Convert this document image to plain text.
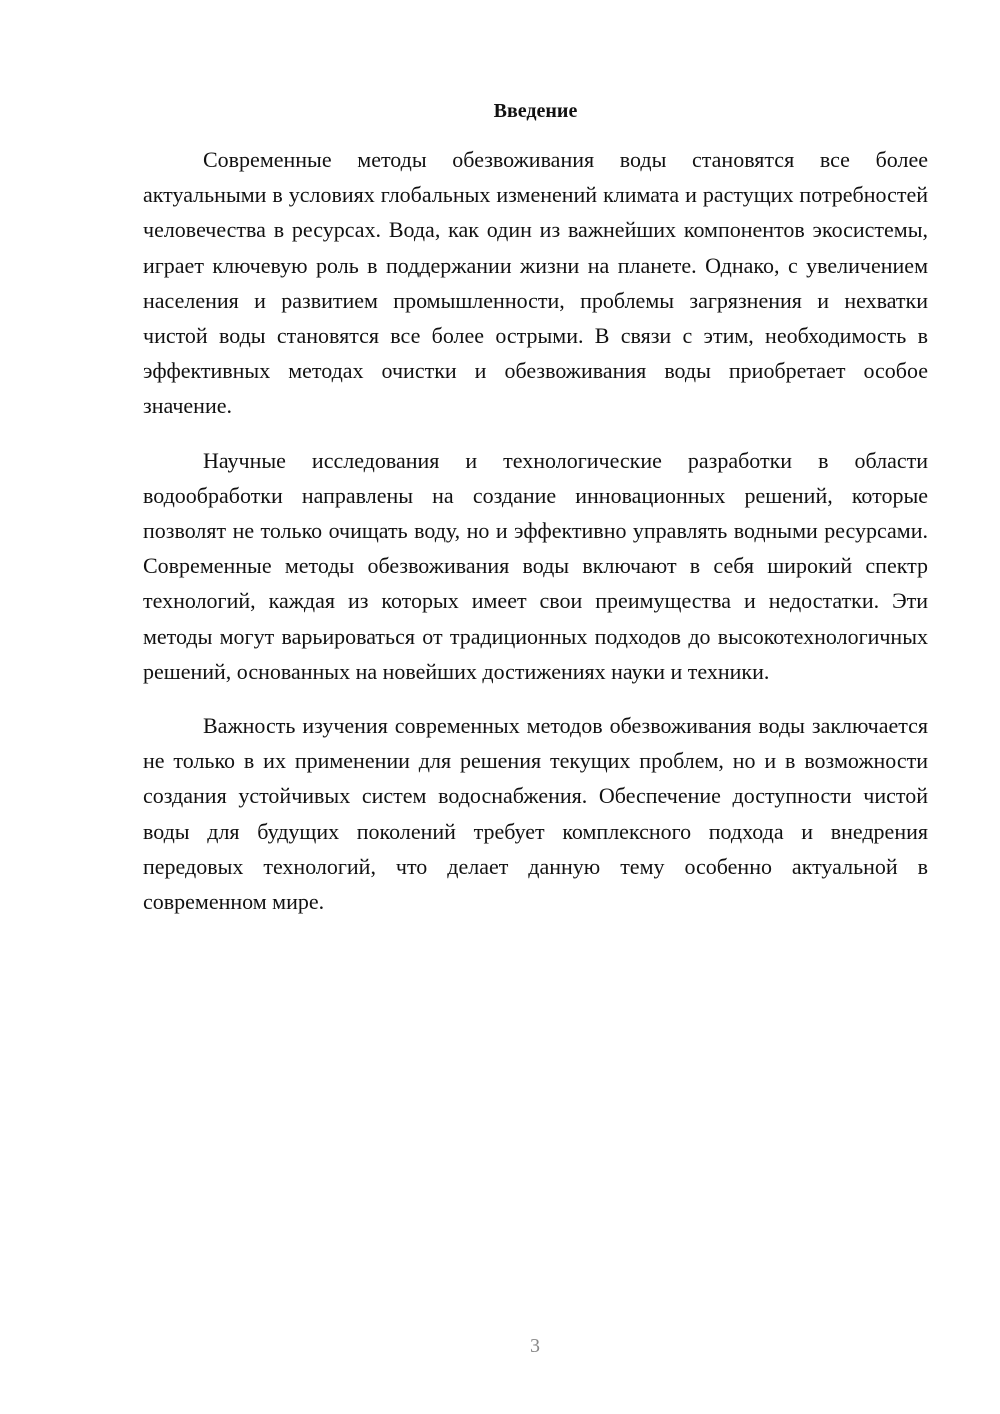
Введение

Современные методы обезвоживания воды становятся все более актуальными в условиях глобальных изменений климата и растущих потребностей человечества в ресурсах. Вода, как один из важнейших компонентов экосистемы, играет ключевую роль в поддержании жизни на планете. Однако, с увеличением населения и развитием промышленности, проблемы загрязнения и нехватки чистой воды становятся все более острыми. В связи с этим, необходимость в эффективных методах очистки и обезвоживания воды приобретает особое значение.

Научные исследования и технологические разработки в области водообработки направлены на создание инновационных решений, которые позволят не только очищать воду, но и эффективно управлять водными ресурсами. Современные методы обезвоживания воды включают в себя широкий спектр технологий, каждая из которых имеет свои преимущества и недостатки. Эти методы могут варьироваться от традиционных подходов до высокотехнологичных решений, основанных на новейших достижениях науки и техники.

Важность изучения современных методов обезвоживания воды заключается не только в их применении для решения текущих проблем, но и в возможности создания устойчивых систем водоснабжения. Обеспечение доступности чистой воды для будущих поколений требует комплексного подхода и внедрения передовых технологий, что делает данную тему особенно актуальной в современном мире.

3
